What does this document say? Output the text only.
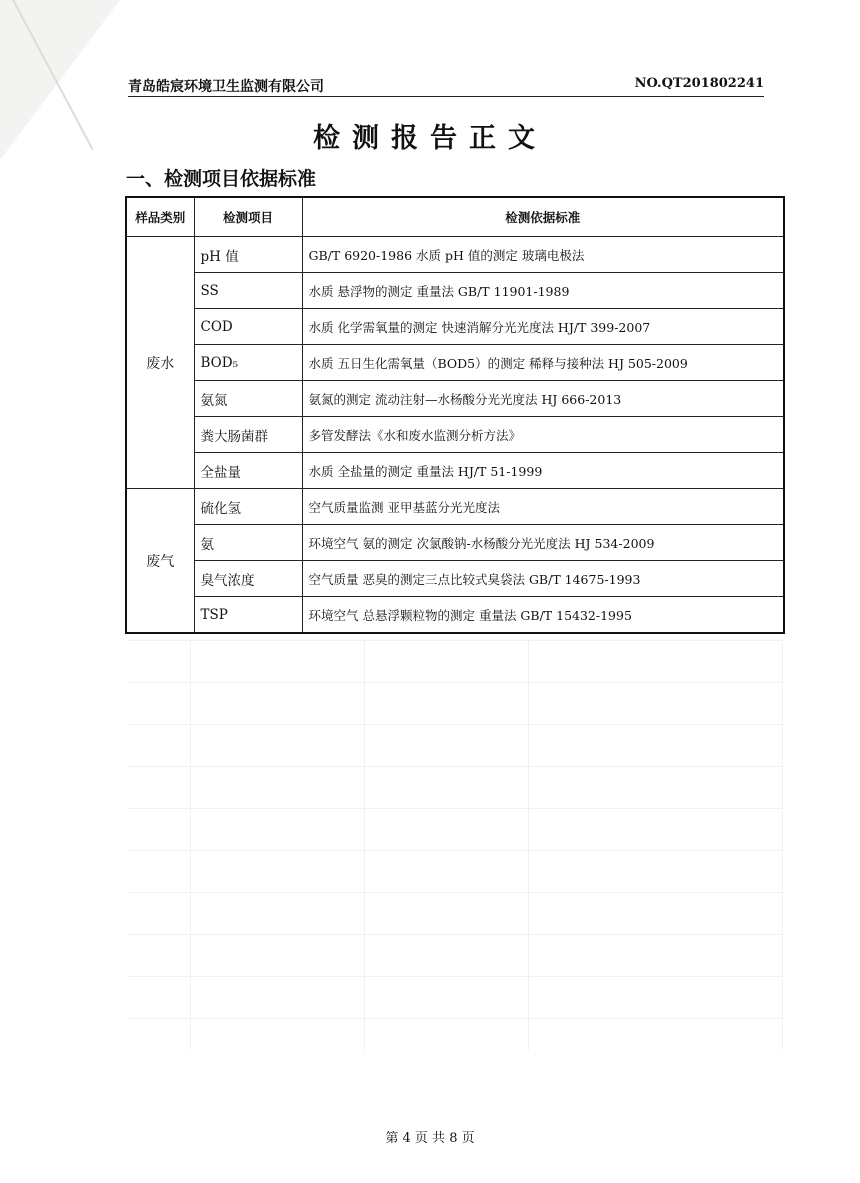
青岛皓宸环境卫生监测有限公司	NO.QT201802241
检测报告正文
一、检测项目依据标准
样品类别	检测项目	检测依据标准
废水	pH 值	GB/T 6920-1986 水质 pH 值的测定 玻璃电极法
	SS	水质 悬浮物的测定 重量法 GB/T 11901-1989
	COD	水质 化学需氧量的测定 快速消解分光光度法 HJ/T 399-2007
	BOD₅	水质 五日生化需氧量（BOD5）的测定 稀释与接种法 HJ 505-2009
	氨氮	氨氮的测定 流动注射—水杨酸分光光度法 HJ 666-2013
	粪大肠菌群	多管发酵法《水和废水监测分析方法》
	全盐量	水质 全盐量的测定 重量法 HJ/T 51-1999
废气	硫化氢	空气质量监测 亚甲基蓝分光光度法
	氨	环境空气 氨的测定 次氯酸钠-水杨酸分光光度法 HJ 534-2009
	臭气浓度	空气质量 恶臭的测定三点比较式臭袋法 GB/T 14675-1993
	TSP	环境空气 总悬浮颗粒物的测定 重量法 GB/T 15432-1995
第 4 页 共 8 页
